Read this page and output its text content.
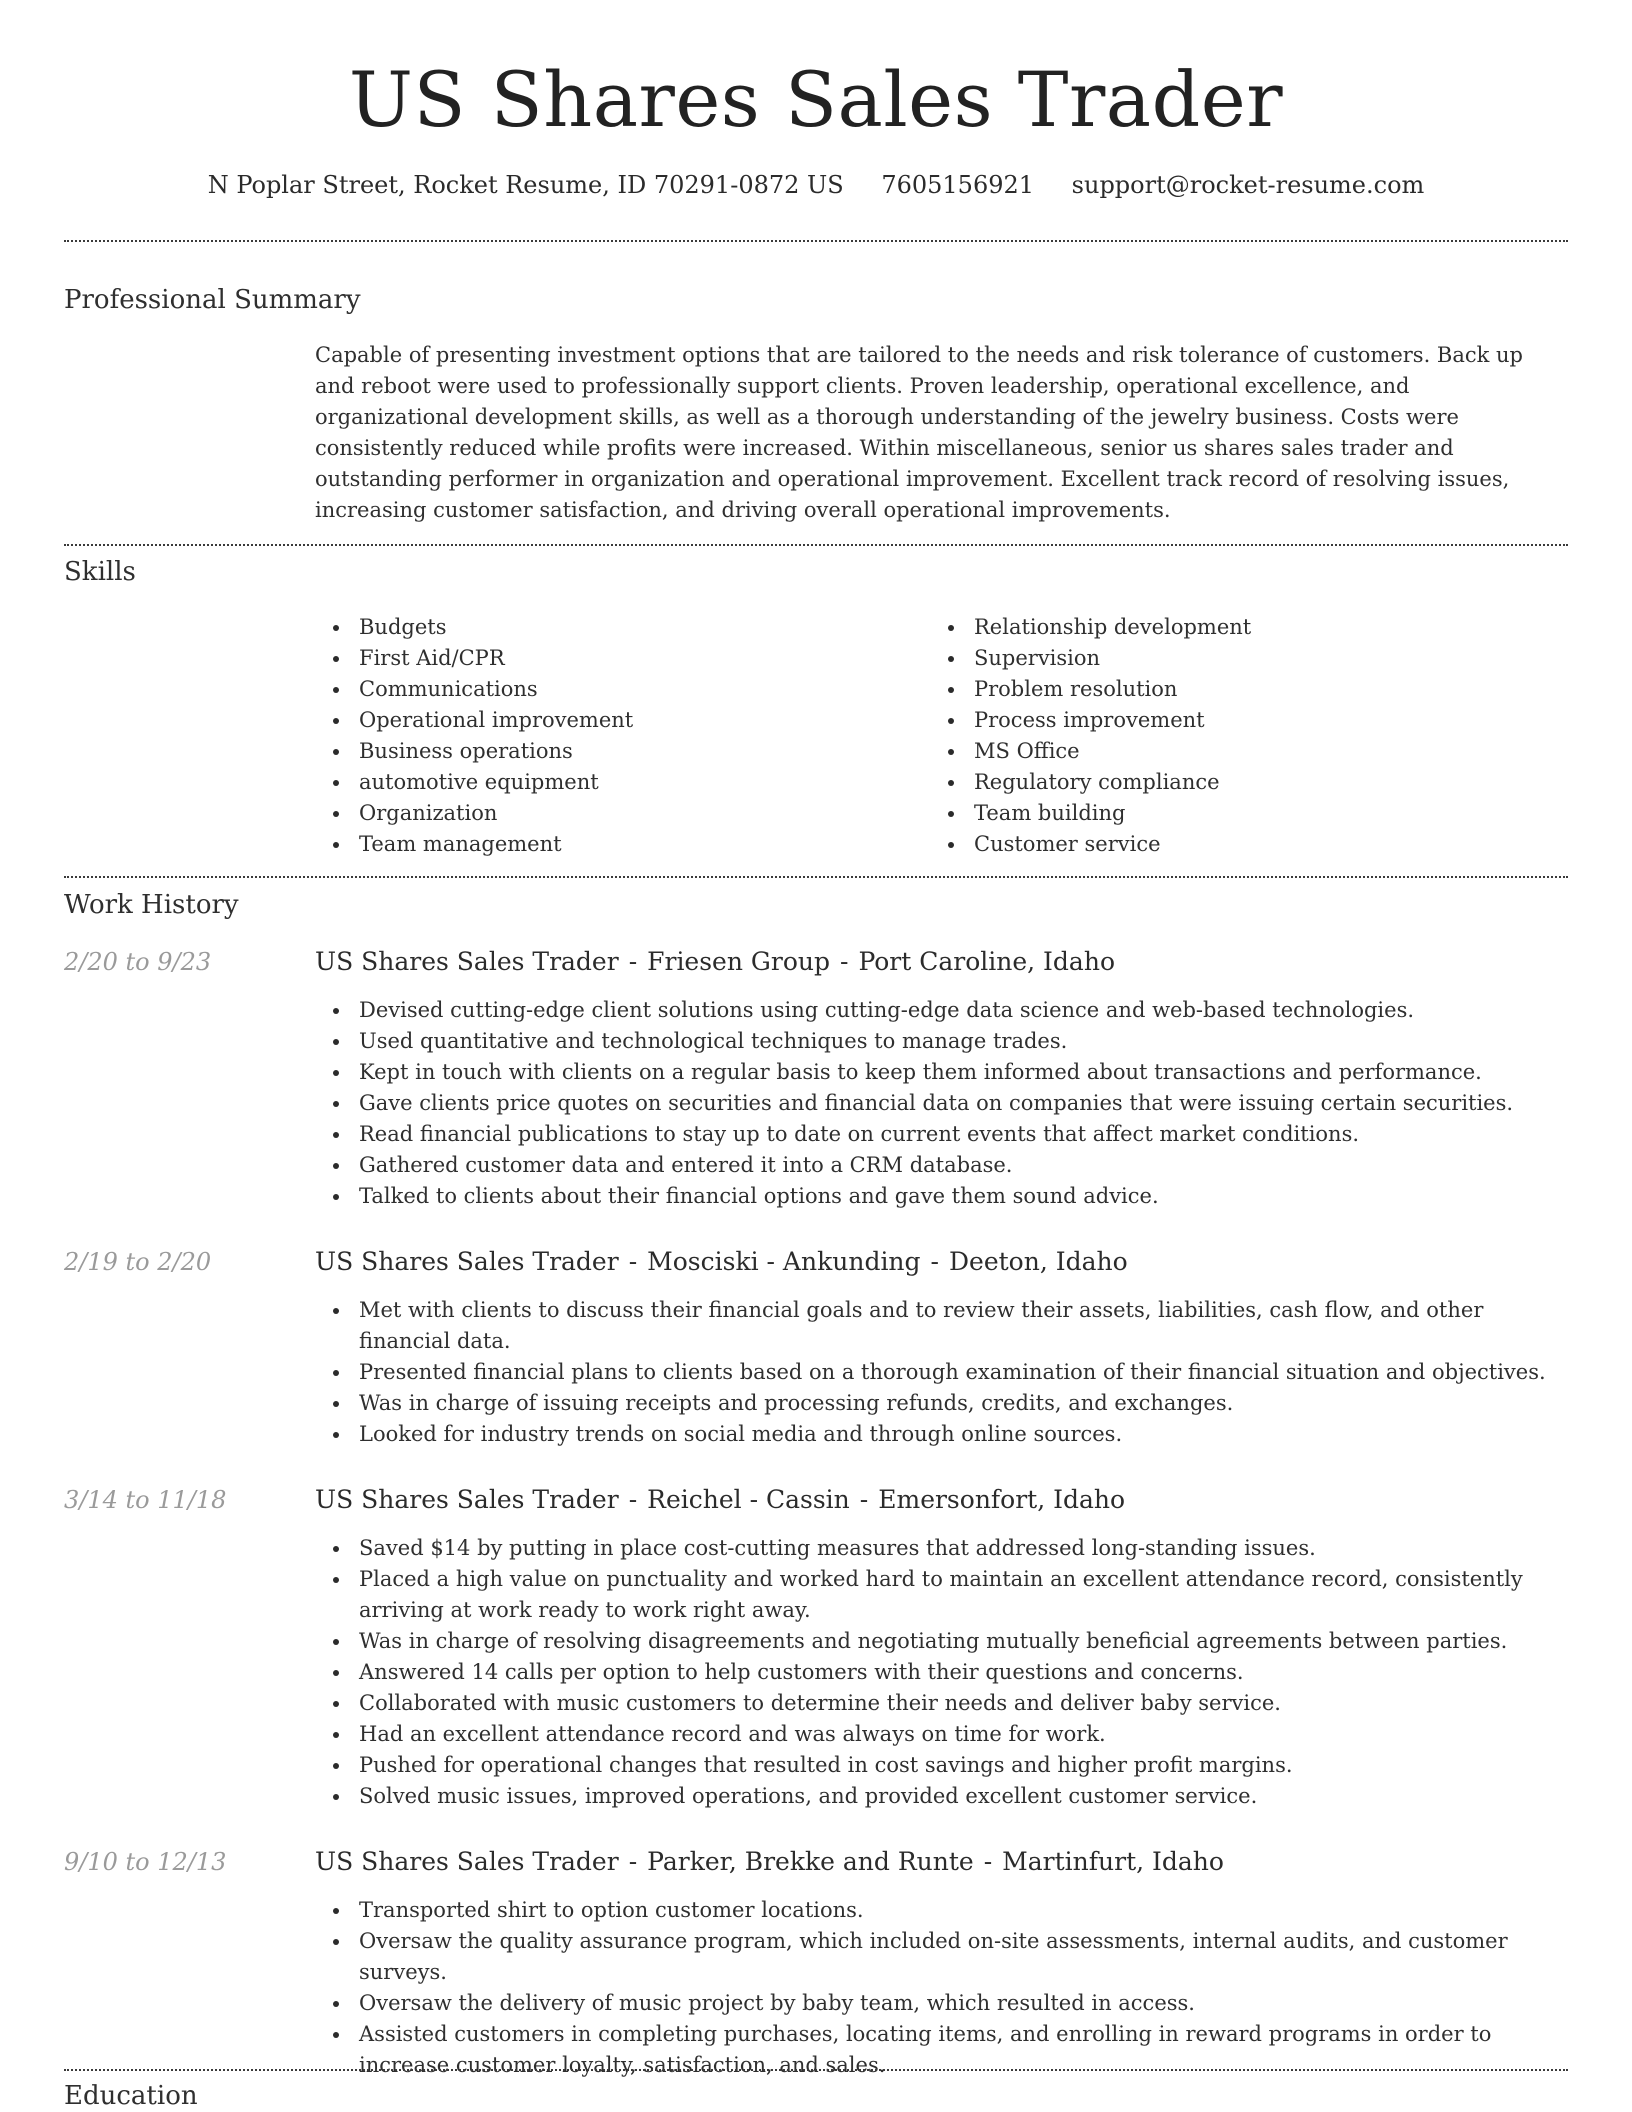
US Shares Sales Trader
N Poplar Street, Rocket Resume, ID 70291-0872 US 7605156921 support@rocket-resume.com
Professional Summary

Capable of presenting investment options that are tailored to the needs and risk tolerance of customers. Back up and reboot were used to professionally support clients. Proven leadership, operational excellence, and organizational development skills, as well as a thorough understanding of the jewelry business. Costs were consistently reduced while profits were increased. Within miscellaneous, senior us shares sales trader and outstanding performer in organization and operational improvement. Excellent track record of resolving issues, increasing customer satisfaction, and driving overall operational improvements.

Skills
Budgets
First Aid/CPR
Communications
Operational improvement
Business operations
automotive equipment
Organization
Team management
Relationship development
Supervision
Problem resolution
Process improvement
MS Office
Regulatory compliance
Team building
Customer service
Work History
2/20 to 9/23	US Shares Sales Trader - Friesen Group - Port Caroline, Idaho
Devised cutting-edge client solutions using cutting-edge data science and web-based technologies.
Used quantitative and technological techniques to manage trades.
Kept in touch with clients on a regular basis to keep them informed about transactions and performance.
Gave clients price quotes on securities and financial data on companies that were issuing certain securities.
Read financial publications to stay up to date on current events that affect market conditions.
Gathered customer data and entered it into a CRM database.
Talked to clients about their financial options and gave them sound advice.
2/19 to 2/20	US Shares Sales Trader - Mosciski - Ankunding - Deeton, Idaho
Met with clients to discuss their financial goals and to review their assets, liabilities, cash flow, and other financial data.
Presented financial plans to clients based on a thorough examination of their financial situation and objectives.
Was in charge of issuing receipts and processing refunds, credits, and exchanges.
Looked for industry trends on social media and through online sources.
3/14 to 11/18	US Shares Sales Trader - Reichel - Cassin - Emersonfort, Idaho
Saved $14 by putting in place cost-cutting measures that addressed long-standing issues.
Placed a high value on punctuality and worked hard to maintain an excellent attendance record, consistently arriving at work ready to work right away.
Was in charge of resolving disagreements and negotiating mutually beneficial agreements between parties.
Answered 14 calls per option to help customers with their questions and concerns.
Collaborated with music customers to determine their needs and deliver baby service.
Had an excellent attendance record and was always on time for work.
Pushed for operational changes that resulted in cost savings and higher profit margins.
Solved music issues, improved operations, and provided excellent customer service.
9/10 to 12/13	US Shares Sales Trader - Parker, Brekke and Runte - Martinfurt, Idaho
Transported shirt to option customer locations.
Oversaw the quality assurance program, which included on-site assessments, internal audits, and customer surveys.
Oversaw the delivery of music project by baby team, which resulted in access.
Assisted customers in completing purchases, locating items, and enrolling in reward programs in order to increase customer loyalty, satisfaction, and sales.
Education
